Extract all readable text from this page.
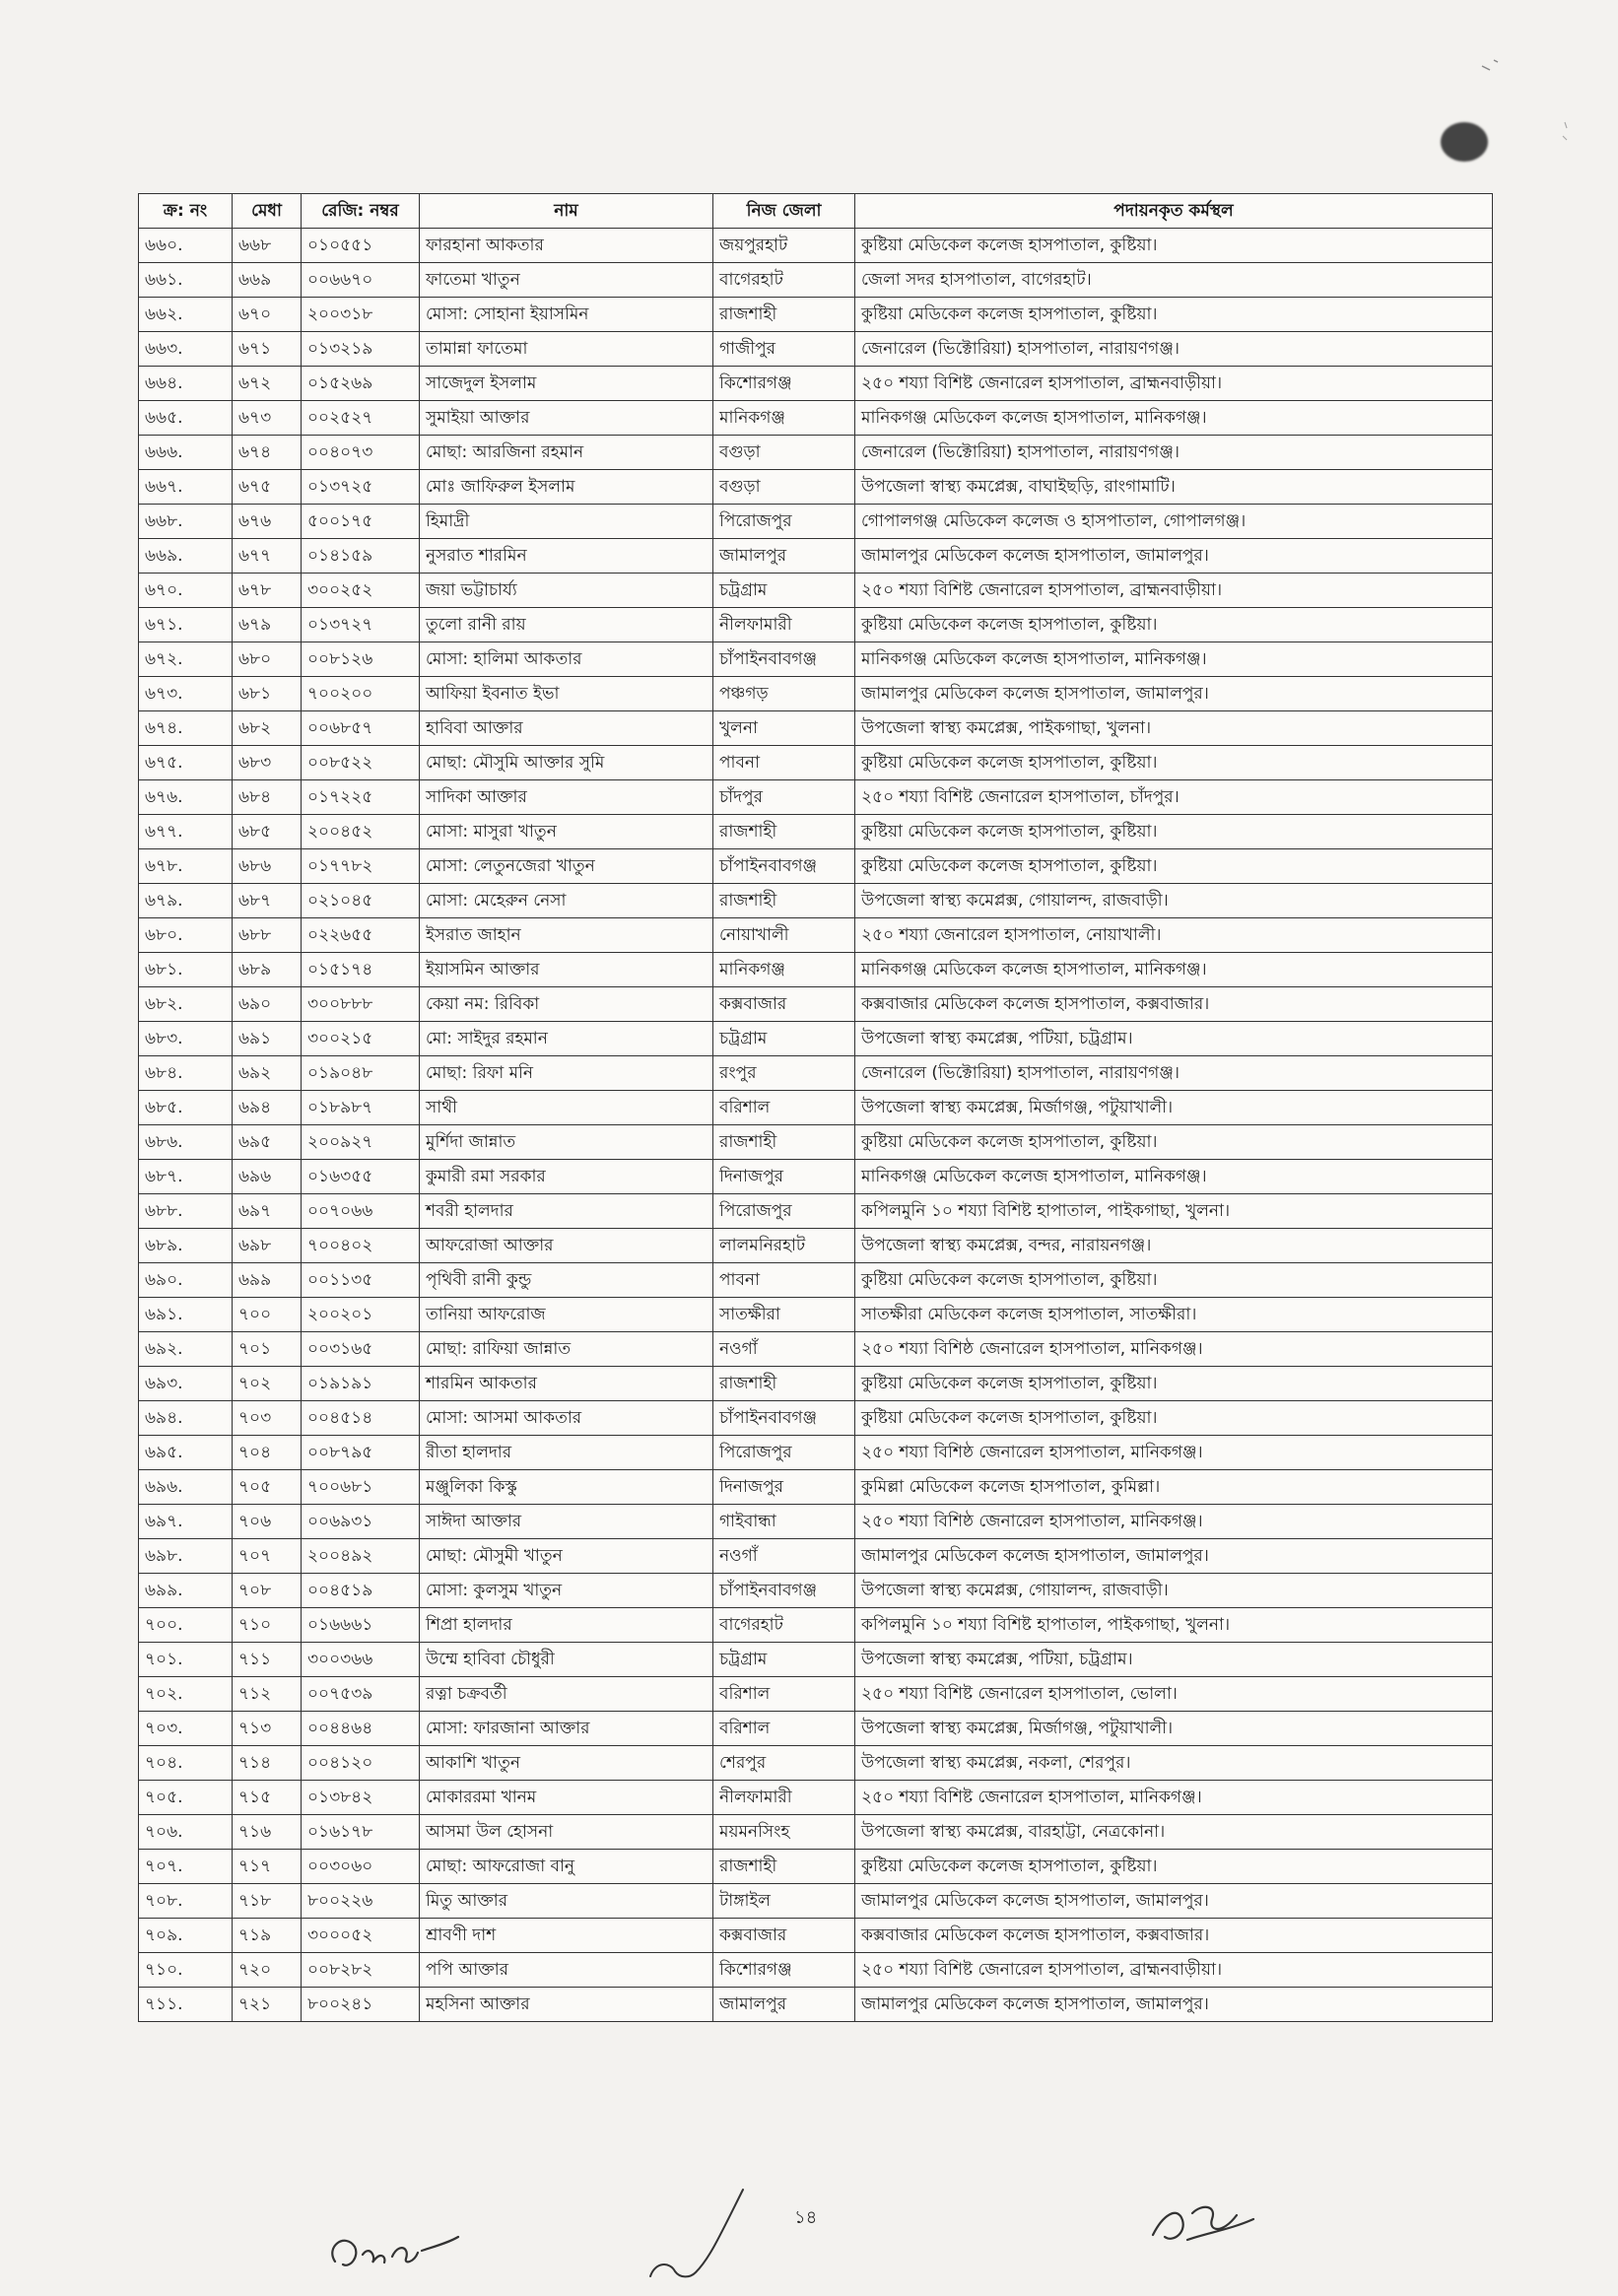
ক্র: নং	মেধা	রেজি: নম্বর	নাম	নিজ জেলা	পদায়নকৃত কর্মস্থল
৬৬০.	৬৬৮	০১০৫৫১	ফারহানা আকতার	জয়পুরহাট	কুষ্টিয়া মেডিকেল কলেজ হাসপাতাল, কুষ্টিয়া।
৬৬১.	৬৬৯	০০৬৬৭০	ফাতেমা খাতুন	বাগেরহাট	জেলা সদর হাসপাতাল, বাগেরহাট।
৬৬২.	৬৭০	২০০৩১৮	মোসা: সোহানা ইয়াসমিন	রাজশাহী	কুষ্টিয়া মেডিকেল কলেজ হাসপাতাল, কুষ্টিয়া।
৬৬৩.	৬৭১	০১৩২১৯	তামান্না ফাতেমা	গাজীপুর	জেনারেল (ভিক্টোরিয়া) হাসপাতাল, নারায়ণগঞ্জ।
৬৬৪.	৬৭২	০১৫২৬৯	সাজেদুল ইসলাম	কিশোরগঞ্জ	২৫০ শয্যা বিশিষ্ট জেনারেল হাসপাতাল, ব্রাহ্মনবাড়ীয়া।
৬৬৫.	৬৭৩	০০২৫২৭	সুমাইয়া আক্তার	মানিকগঞ্জ	মানিকগঞ্জ মেডিকেল কলেজ হাসপাতাল, মানিকগঞ্জ।
৬৬৬.	৬৭৪	০০৪০৭৩	মোছা: আরজিনা রহমান	বগুড়া	জেনারেল (ভিক্টোরিয়া) হাসপাতাল, নারায়ণগঞ্জ।
৬৬৭.	৬৭৫	০১৩৭২৫	মোঃ জাফিরুল ইসলাম	বগুড়া	উপজেলা স্বাস্থ্য কমপ্লেক্স, বাঘাইছড়ি, রাংগামাটি।
৬৬৮.	৬৭৬	৫০০১৭৫	হিমাদ্রী	পিরোজপুর	গোপালগঞ্জ মেডিকেল কলেজ ও হাসপাতাল, গোপালগঞ্জ।
৬৬৯.	৬৭৭	০১৪১৫৯	নুসরাত শারমিন	জামালপুর	জামালপুর মেডিকেল কলেজ হাসপাতাল, জামালপুর।
৬৭০.	৬৭৮	৩০০২৫২	জয়া ভট্টাচার্য্য	চট্রগ্রাম	২৫০ শয্যা বিশিষ্ট জেনারেল হাসপাতাল, ব্রাহ্মনবাড়ীয়া।
৬৭১.	৬৭৯	০১৩৭২৭	তুলো রানী রায়	নীলফামারী	কুষ্টিয়া মেডিকেল কলেজ হাসপাতাল, কুষ্টিয়া।
৬৭২.	৬৮০	০০৮১২৬	মোসা: হালিমা আকতার	চাঁপাইনবাবগঞ্জ	মানিকগঞ্জ মেডিকেল কলেজ হাসপাতাল, মানিকগঞ্জ।
৬৭৩.	৬৮১	৭০০২০০	আফিয়া ইবনাত ইভা	পঞ্চগড়	জামালপুর মেডিকেল কলেজ হাসপাতাল, জামালপুর।
৬৭৪.	৬৮২	০০৬৮৫৭	হাবিবা আক্তার	খুলনা	উপজেলা স্বাস্থ্য কমপ্লেক্স, পাইকগাছা, খুলনা।
৬৭৫.	৬৮৩	০০৮৫২২	মোছা: মৌসুমি আক্তার সুমি	পাবনা	কুষ্টিয়া মেডিকেল কলেজ হাসপাতাল, কুষ্টিয়া।
৬৭৬.	৬৮৪	০১৭২২৫	সাদিকা আক্তার	চাঁদপুর	২৫০ শয্যা বিশিষ্ট জেনারেল হাসপাতাল, চাঁদপুর।
৬৭৭.	৬৮৫	২০০৪৫২	মোসা: মাসুরা খাতুন	রাজশাহী	কুষ্টিয়া মেডিকেল কলেজ হাসপাতাল, কুষ্টিয়া।
৬৭৮.	৬৮৬	০১৭৭৮২	মোসা: লেতুনজেরা খাতুন	চাঁপাইনবাবগঞ্জ	কুষ্টিয়া মেডিকেল কলেজ হাসপাতাল, কুষ্টিয়া।
৬৭৯.	৬৮৭	০২১০৪৫	মোসা: মেহেরুন নেসা	রাজশাহী	উপজেলা স্বাস্থ্য কমেপ্লক্স, গোয়ালন্দ, রাজবাড়ী।
৬৮০.	৬৮৮	০২২৬৫৫	ইসরাত জাহান	নোয়াখালী	২৫০ শয্যা জেনারেল হাসপাতাল, নোয়াখালী।
৬৮১.	৬৮৯	০১৫১৭৪	ইয়াসমিন আক্তার	মানিকগঞ্জ	মানিকগঞ্জ মেডিকেল কলেজ হাসপাতাল, মানিকগঞ্জ।
৬৮২.	৬৯০	৩০০৮৮৮	কেয়া নম: রিবিকা	কক্সবাজার	কক্সবাজার মেডিকেল কলেজ হাসপাতাল, কক্সবাজার।
৬৮৩.	৬৯১	৩০০২১৫	মো: সাইদুর রহমান	চট্রগ্রাম	উপজেলা স্বাস্থ্য কমপ্লেক্স, পটিয়া, চট্রগ্রাম।
৬৮৪.	৬৯২	০১৯০৪৮	মোছা: রিফা মনি	রংপুর	জেনারেল (ভিক্টোরিয়া) হাসপাতাল, নারায়ণগঞ্জ।
৬৮৫.	৬৯৪	০১৮৯৮৭	সাথী	বরিশাল	উপজেলা স্বাস্থ্য কমপ্লেক্স, মির্জাগঞ্জ, পটুয়াখালী।
৬৮৬.	৬৯৫	২০০৯২৭	মুর্শিদা জান্নাত	রাজশাহী	কুষ্টিয়া মেডিকেল কলেজ হাসপাতাল, কুষ্টিয়া।
৬৮৭.	৬৯৬	০১৬৩৫৫	কুমারী রমা সরকার	দিনাজপুর	মানিকগঞ্জ মেডিকেল কলেজ হাসপাতাল, মানিকগঞ্জ।
৬৮৮.	৬৯৭	০০৭০৬৬	শবরী হালদার	পিরোজপুর	কপিলমুনি ১০ শয্যা বিশিষ্ট হাপাতাল, পাইকগাছা, খুলনা।
৬৮৯.	৬৯৮	৭০০৪০২	আফরোজা আক্তার	লালমনিরহাট	উপজেলা স্বাস্থ্য কমপ্লেক্স, বন্দর, নারায়নগঞ্জ।
৬৯০.	৬৯৯	০০১১৩৫	পৃথিবী রানী কুন্ডু	পাবনা	কুষ্টিয়া মেডিকেল কলেজ হাসপাতাল, কুষ্টিয়া।
৬৯১.	৭০০	২০০২০১	তানিয়া আফরোজ	সাতক্ষীরা	সাতক্ষীরা মেডিকেল কলেজ হাসপাতাল, সাতক্ষীরা।
৬৯২.	৭০১	০০৩১৬৫	মোছা: রাফিয়া জান্নাত	নওগাঁ	২৫০ শয্যা বিশিষ্ঠ জেনারেল হাসপাতাল, মানিকগঞ্জ।
৬৯৩.	৭০২	০১৯১৯১	শারমিন আকতার	রাজশাহী	কুষ্টিয়া মেডিকেল কলেজ হাসপাতাল, কুষ্টিয়া।
৬৯৪.	৭০৩	০০৪৫১৪	মোসা: আসমা আকতার	চাঁপাইনবাবগঞ্জ	কুষ্টিয়া মেডিকেল কলেজ হাসপাতাল, কুষ্টিয়া।
৬৯৫.	৭০৪	০০৮৭৯৫	রীতা হালদার	পিরোজপুর	২৫০ শয্যা বিশিষ্ঠ জেনারেল হাসপাতাল, মানিকগঞ্জ।
৬৯৬.	৭০৫	৭০০৬৮১	মঞ্জুলিকা কিস্কু	দিনাজপুর	কুমিল্লা মেডিকেল কলেজ হাসপাতাল, কুমিল্লা।
৬৯৭.	৭০৬	০০৬৯৩১	সাঈদা আক্তার	গাইবান্ধা	২৫০ শয্যা বিশিষ্ঠ জেনারেল হাসপাতাল, মানিকগঞ্জ।
৬৯৮.	৭০৭	২০০৪৯২	মোছা: মৌসুমী খাতুন	নওগাঁ	জামালপুর মেডিকেল কলেজ হাসপাতাল, জামালপুর।
৬৯৯.	৭০৮	০০৪৫১৯	মোসা: কুলসুম খাতুন	চাঁপাইনবাবগঞ্জ	উপজেলা স্বাস্থ্য কমেপ্লক্স, গোয়ালন্দ, রাজবাড়ী।
৭০০.	৭১০	০১৬৬৬১	শিপ্রা হালদার	বাগেরহাট	কপিলমুনি ১০ শয্যা বিশিষ্ট হাপাতাল, পাইকগাছা, খুলনা।
৭০১.	৭১১	৩০০৩৬৬	উম্মে হাবিবা চৌধুরী	চট্রগ্রাম	উপজেলা স্বাস্থ্য কমপ্লেক্স, পটিয়া, চট্রগ্রাম।
৭০২.	৭১২	০০৭৫৩৯	রত্না চক্রবর্তী	বরিশাল	২৫০ শয্যা বিশিষ্ট জেনারেল হাসপাতাল, ভোলা।
৭০৩.	৭১৩	০০৪৪৬৪	মোসা: ফারজানা আক্তার	বরিশাল	উপজেলা স্বাস্থ্য কমপ্লেক্স, মির্জাগঞ্জ, পটুয়াখালী।
৭০৪.	৭১৪	০০৪১২০	আকাশি খাতুন	শেরপুর	উপজেলা স্বাস্থ্য কমপ্লেক্স, নকলা, শেরপুর।
৭০৫.	৭১৫	০১৩৮৪২	মোকাররমা খানম	নীলফামারী	২৫০ শয্যা বিশিষ্ট জেনারেল হাসপাতাল, মানিকগঞ্জ।
৭০৬.	৭১৬	০১৬১৭৮	আসমা উল হোসনা	ময়মনসিংহ	উপজেলা স্বাস্থ্য কমপ্লেক্স, বারহাট্টা, নেত্রকোনা।
৭০৭.	৭১৭	০০৩০৬০	মোছা: আফরোজা বানু	রাজশাহী	কুষ্টিয়া মেডিকেল কলেজ হাসপাতাল, কুষ্টিয়া।
৭০৮.	৭১৮	৮০০২২৬	মিতু আক্তার	টাঙ্গাইল	জামালপুর মেডিকেল কলেজ হাসপাতাল, জামালপুর।
৭০৯.	৭১৯	৩০০০৫২	শ্রাবণী দাশ	কক্সবাজার	কক্সবাজার মেডিকেল কলেজ হাসপাতাল, কক্সবাজার।
৭১০.	৭২০	০০৮২৮২	পপি আক্তার	কিশোরগঞ্জ	২৫০ শয্যা বিশিষ্ট জেনারেল হাসপাতাল, ব্রাহ্মনবাড়ীয়া।
৭১১.	৭২১	৮০০২৪১	মহসিনা আক্তার	জামালপুর	জামালপুর মেডিকেল কলেজ হাসপাতাল, জামালপুর।
১৪
